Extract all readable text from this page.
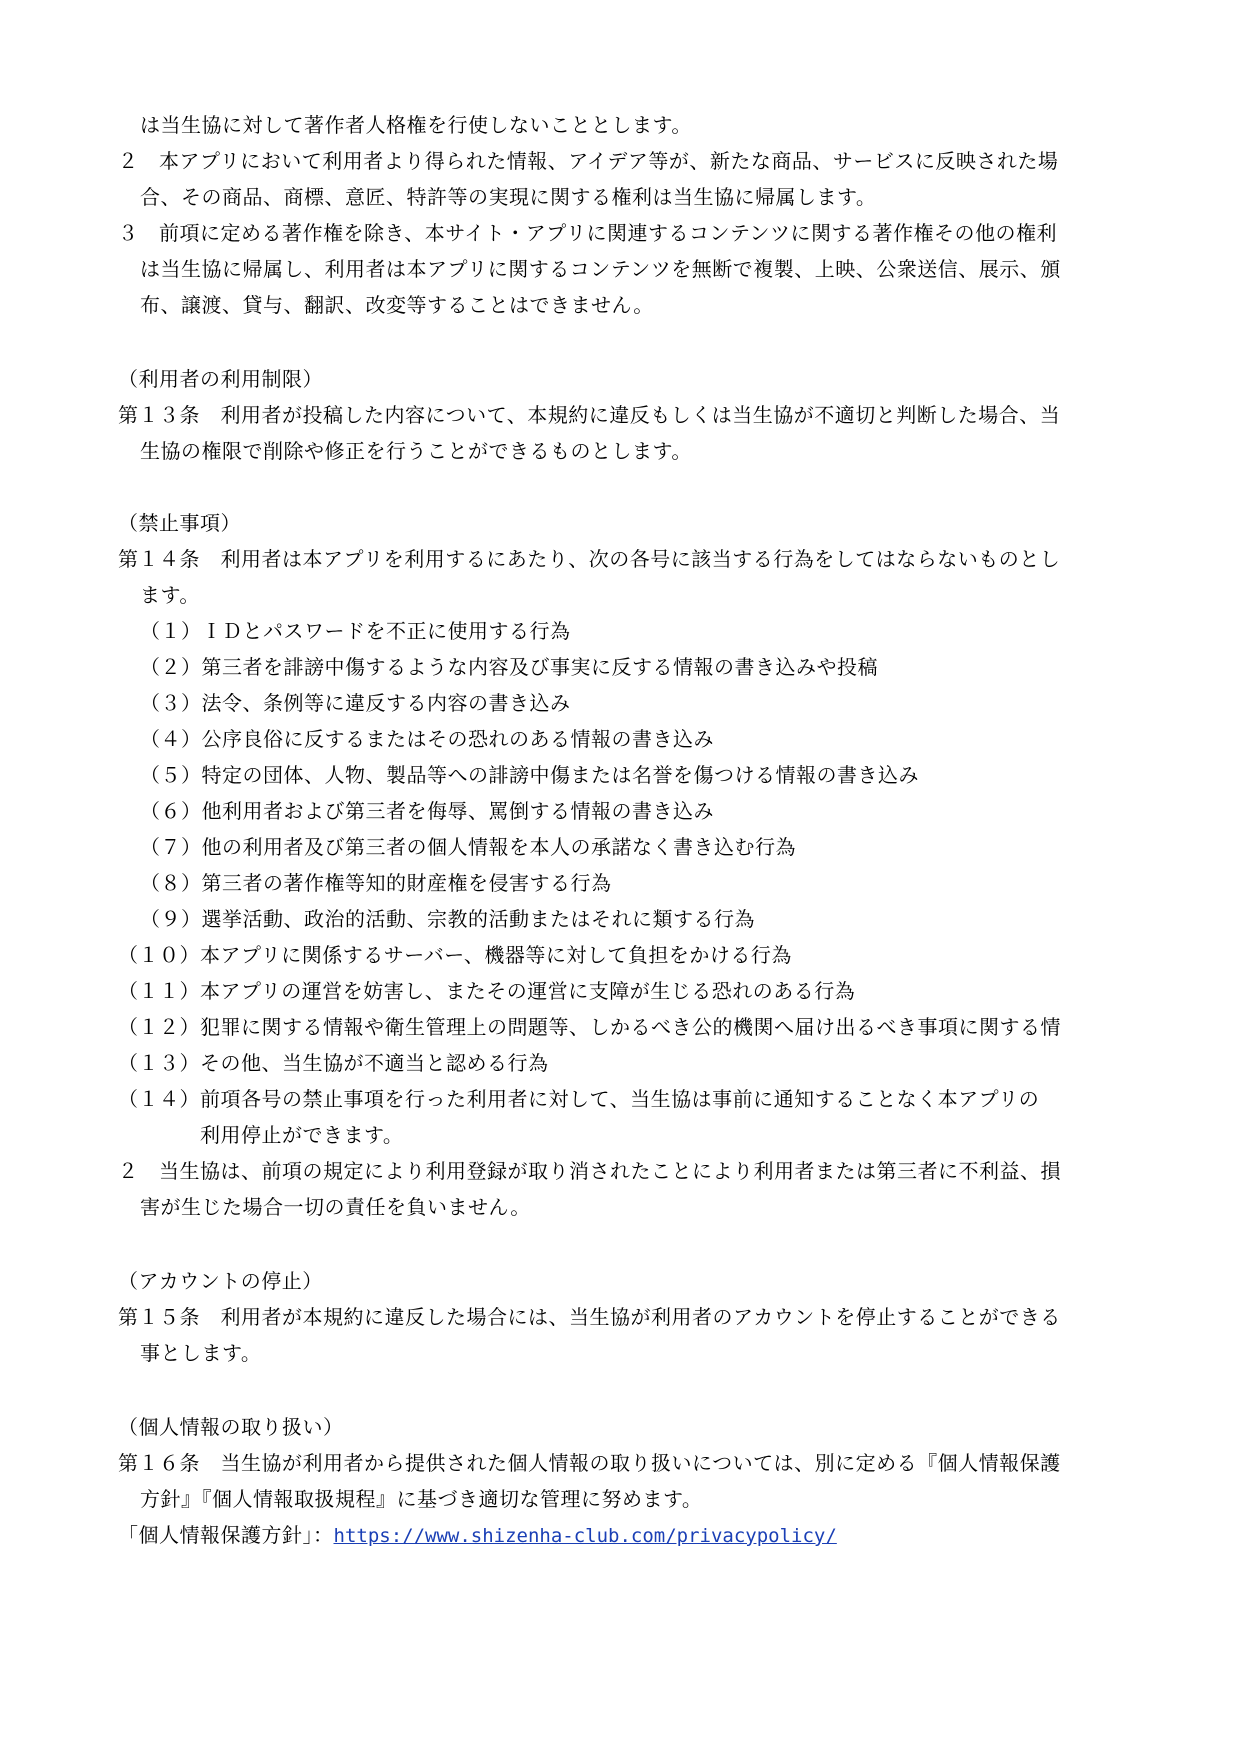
は当生協に対して著作者人格権を行使しないこととします。
２　本アプリにおいて利用者より得られた情報、アイデア等が、新たな商品、サービスに反映された場
合、その商品、商標、意匠、特許等の実現に関する権利は当生協に帰属します。
３　前項に定める著作権を除き、本サイト・アプリに関連するコンテンツに関する著作権その他の権利
は当生協に帰属し、利用者は本アプリに関するコンテンツを無断で複製、上映、公衆送信、展示、頒
布、譲渡、貸与、翻訳、改変等することはできません。
（利用者の利用制限）
第１３条　利用者が投稿した内容について、本規約に違反もしくは当生協が不適切と判断した場合、当
生協の権限で削除や修正を行うことができるものとします。
（禁止事項）
第１４条　利用者は本アプリを利用するにあたり、次の各号に該当する行為をしてはならないものとし
ます。
（１）ＩＤとパスワードを不正に使用する行為
（２）第三者を誹謗中傷するような内容及び事実に反する情報の書き込みや投稿
（３）法令、条例等に違反する内容の書き込み
（４）公序良俗に反するまたはその恐れのある情報の書き込み
（５）特定の団体、人物、製品等への誹謗中傷または名誉を傷つける情報の書き込み
（６）他利用者および第三者を侮辱、罵倒する情報の書き込み
（７）他の利用者及び第三者の個人情報を本人の承諾なく書き込む行為
（８）第三者の著作権等知的財産権を侵害する行為
（９）選挙活動、政治的活動、宗教的活動またはそれに類する行為
（１０）本アプリに関係するサーバー、機器等に対して負担をかける行為
（１１）本アプリの運営を妨害し、またその運営に支障が生じる恐れのある行為
（１２）犯罪に関する情報や衛生管理上の問題等、しかるべき公的機関へ届け出るべき事項に関する情
（１３）その他、当生協が不適当と認める行為
（１４）前項各号の禁止事項を行った利用者に対して、当生協は事前に通知することなく本アプリの
利用停止ができます。
２　当生協は、前項の規定により利用登録が取り消されたことにより利用者または第三者に不利益、損
害が生じた場合一切の責任を負いません。
（アカウントの停止）
第１５条　利用者が本規約に違反した場合には、当生協が利用者のアカウントを停止することができる
事とします。
（個人情報の取り扱い）
第１６条　当生協が利用者から提供された個人情報の取り扱いについては、別に定める『個人情報保護
方針』『個人情報取扱規程』に基づき適切な管理に努めます。
「個人情報保護方針」：https://www.shizenha-club.com/privacypolicy/
